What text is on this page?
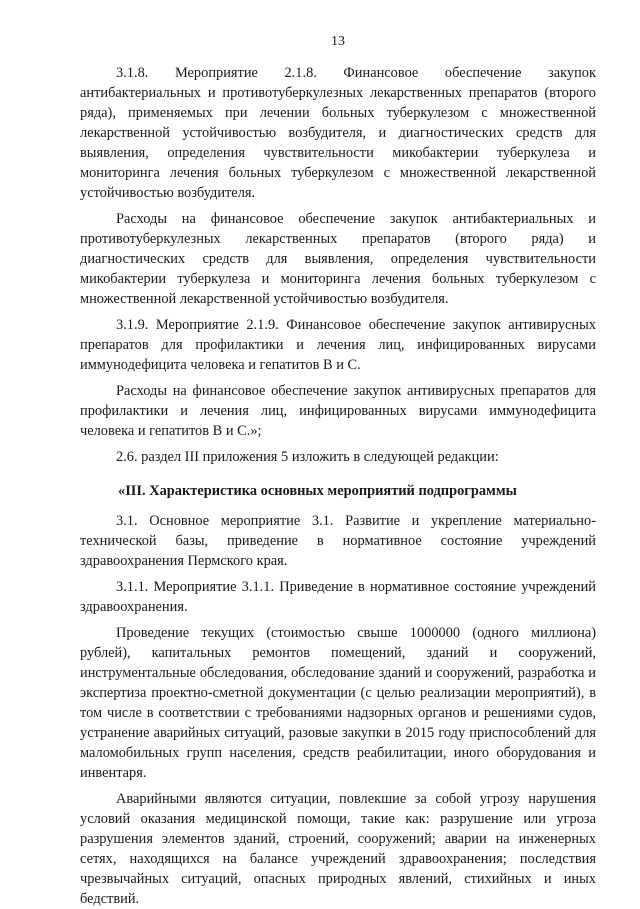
13

3.1.8. Мероприятие 2.1.8. Финансовое обеспечение закупок антибактериальных и противотуберкулезных лекарственных препаратов (второго ряда), применяемых при лечении больных туберкулезом с множественной лекарственной устойчивостью возбудителя, и диагностических средств для выявления, определения чувствительности микобактерии туберкулеза и мониторинга лечения больных туберкулезом с множественной лекарственной устойчивостью возбудителя.

Расходы на финансовое обеспечение закупок антибактериальных и противотуберкулезных лекарственных препаратов (второго ряда) и диагностических средств для выявления, определения чувствительности микобактерии туберкулеза и мониторинга лечения больных туберкулезом с множественной лекарственной устойчивостью возбудителя.

3.1.9. Мероприятие 2.1.9. Финансовое обеспечение закупок антивирусных препаратов для профилактики и лечения лиц, инфицированных вирусами иммунодефицита человека и гепатитов В и С.

Расходы на финансовое обеспечение закупок антивирусных препаратов для профилактики и лечения лиц, инфицированных вирусами иммунодефицита человека и гепатитов В и С.»;

2.6. раздел III приложения 5 изложить в следующей редакции:

«III. Характеристика основных мероприятий подпрограммы

3.1. Основное мероприятие 3.1. Развитие и укрепление материально-технической базы, приведение в нормативное состояние учреждений здравоохранения Пермского края.

3.1.1. Мероприятие 3.1.1. Приведение в нормативное состояние учреждений здравоохранения.

Проведение текущих (стоимостью свыше 1000000 (одного миллиона) рублей), капитальных ремонтов помещений, зданий и сооружений, инструментальные обследования, обследование зданий и сооружений, разработка и экспертиза проектно-сметной документации (с целью реализации мероприятий), в том числе в соответствии с требованиями надзорных органов и решениями судов, устранение аварийных ситуаций, разовые закупки в 2015 году приспособлений для маломобильных групп населения, средств реабилитации, иного оборудования и инвентаря.

Аварийными являются ситуации, повлекшие за собой угрозу нарушения условий оказания медицинской помощи, такие как: разрушение или угроза разрушения элементов зданий, строений, сооружений; аварии на инженерных сетях, находящихся на балансе учреждений здравоохранения; последствия чрезвычайных ситуаций, опасных природных явлений, стихийных и иных бедствий.
